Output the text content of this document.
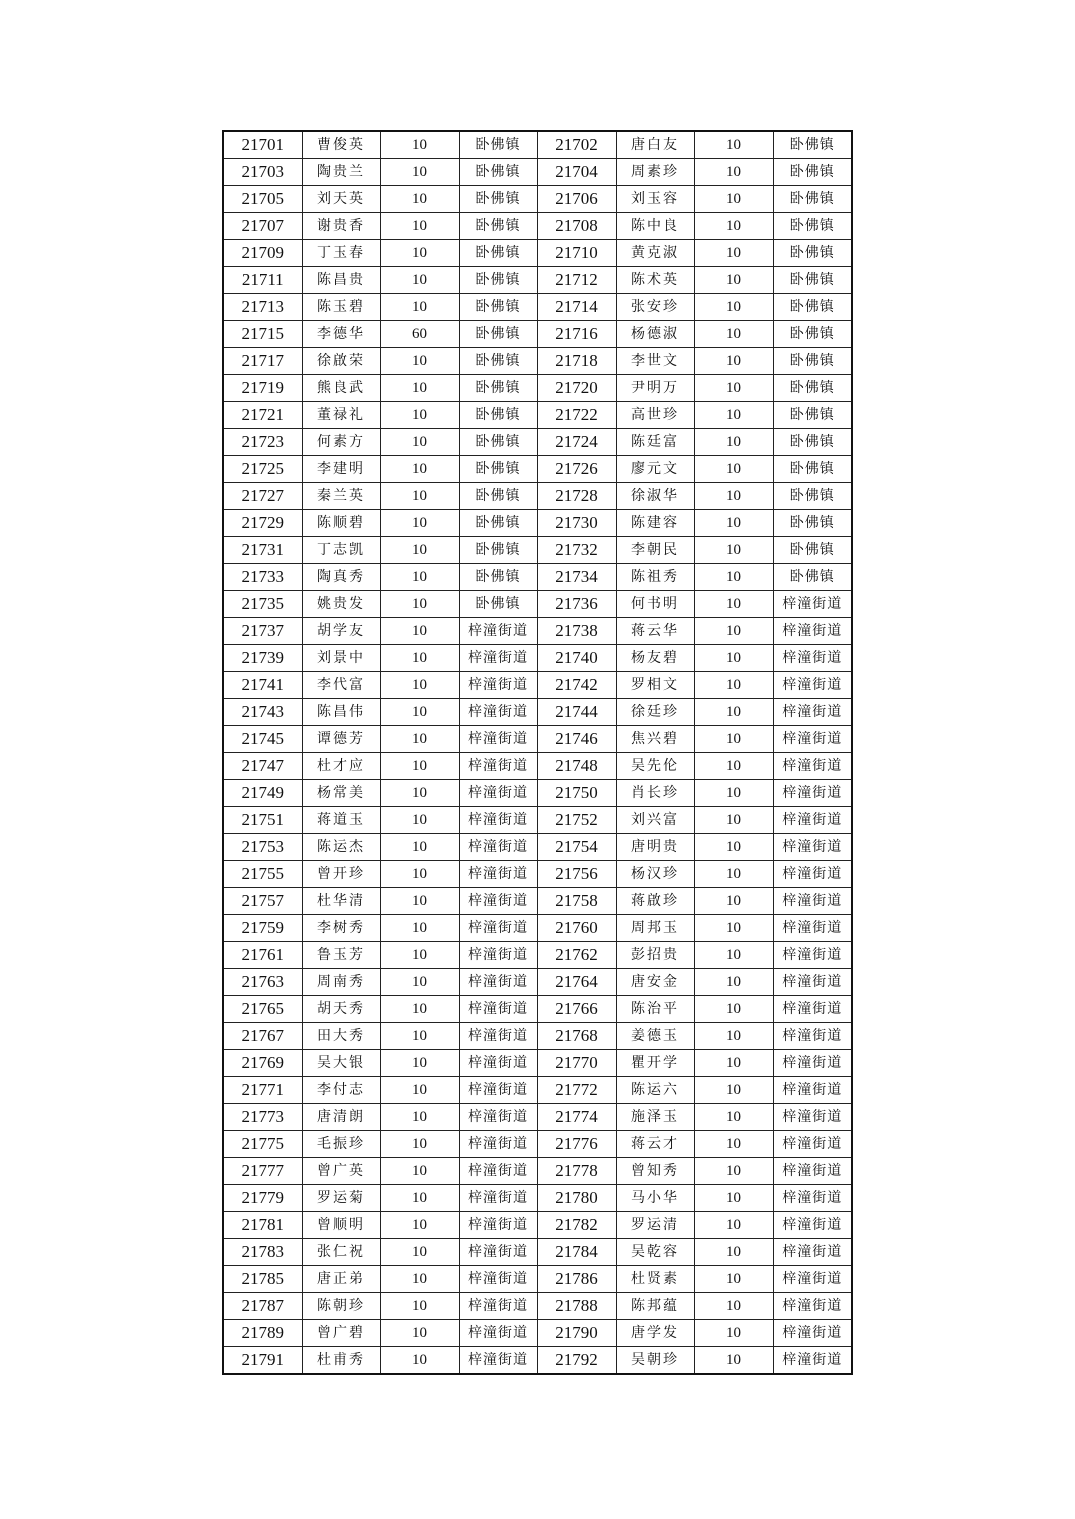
21701	曹俊英	10	卧佛镇	21702	唐白友	10	卧佛镇
21703	陶贵兰	10	卧佛镇	21704	周素珍	10	卧佛镇
21705	刘天英	10	卧佛镇	21706	刘玉容	10	卧佛镇
21707	谢贵香	10	卧佛镇	21708	陈中良	10	卧佛镇
21709	丁玉春	10	卧佛镇	21710	黄克淑	10	卧佛镇
21711	陈昌贵	10	卧佛镇	21712	陈术英	10	卧佛镇
21713	陈玉碧	10	卧佛镇	21714	张安珍	10	卧佛镇
21715	李德华	60	卧佛镇	21716	杨德淑	10	卧佛镇
21717	徐啟荣	10	卧佛镇	21718	李世文	10	卧佛镇
21719	熊良武	10	卧佛镇	21720	尹明万	10	卧佛镇
21721	董禄礼	10	卧佛镇	21722	高世珍	10	卧佛镇
21723	何素方	10	卧佛镇	21724	陈廷富	10	卧佛镇
21725	李建明	10	卧佛镇	21726	廖元文	10	卧佛镇
21727	秦兰英	10	卧佛镇	21728	徐淑华	10	卧佛镇
21729	陈顺碧	10	卧佛镇	21730	陈建容	10	卧佛镇
21731	丁志凯	10	卧佛镇	21732	李朝民	10	卧佛镇
21733	陶真秀	10	卧佛镇	21734	陈祖秀	10	卧佛镇
21735	姚贵发	10	卧佛镇	21736	何书明	10	梓潼街道
21737	胡学友	10	梓潼街道	21738	蒋云华	10	梓潼街道
21739	刘景中	10	梓潼街道	21740	杨友碧	10	梓潼街道
21741	李代富	10	梓潼街道	21742	罗相文	10	梓潼街道
21743	陈昌伟	10	梓潼街道	21744	徐廷珍	10	梓潼街道
21745	谭德芳	10	梓潼街道	21746	焦兴碧	10	梓潼街道
21747	杜才应	10	梓潼街道	21748	吴先伦	10	梓潼街道
21749	杨常美	10	梓潼街道	21750	肖长珍	10	梓潼街道
21751	蒋道玉	10	梓潼街道	21752	刘兴富	10	梓潼街道
21753	陈运杰	10	梓潼街道	21754	唐明贵	10	梓潼街道
21755	曾开珍	10	梓潼街道	21756	杨汉珍	10	梓潼街道
21757	杜华清	10	梓潼街道	21758	蒋啟珍	10	梓潼街道
21759	李树秀	10	梓潼街道	21760	周邦玉	10	梓潼街道
21761	鲁玉芳	10	梓潼街道	21762	彭招贵	10	梓潼街道
21763	周南秀	10	梓潼街道	21764	唐安金	10	梓潼街道
21765	胡天秀	10	梓潼街道	21766	陈治平	10	梓潼街道
21767	田大秀	10	梓潼街道	21768	姜德玉	10	梓潼街道
21769	吴大银	10	梓潼街道	21770	瞿开学	10	梓潼街道
21771	李付志	10	梓潼街道	21772	陈运六	10	梓潼街道
21773	唐清朗	10	梓潼街道	21774	施泽玉	10	梓潼街道
21775	毛振珍	10	梓潼街道	21776	蒋云才	10	梓潼街道
21777	曾广英	10	梓潼街道	21778	曾知秀	10	梓潼街道
21779	罗运菊	10	梓潼街道	21780	马小华	10	梓潼街道
21781	曾顺明	10	梓潼街道	21782	罗运清	10	梓潼街道
21783	张仁祝	10	梓潼街道	21784	吴乾容	10	梓潼街道
21785	唐正弟	10	梓潼街道	21786	杜贤素	10	梓潼街道
21787	陈朝珍	10	梓潼街道	21788	陈邦蕴	10	梓潼街道
21789	曾广碧	10	梓潼街道	21790	唐学发	10	梓潼街道
21791	杜甫秀	10	梓潼街道	21792	吴朝珍	10	梓潼街道
